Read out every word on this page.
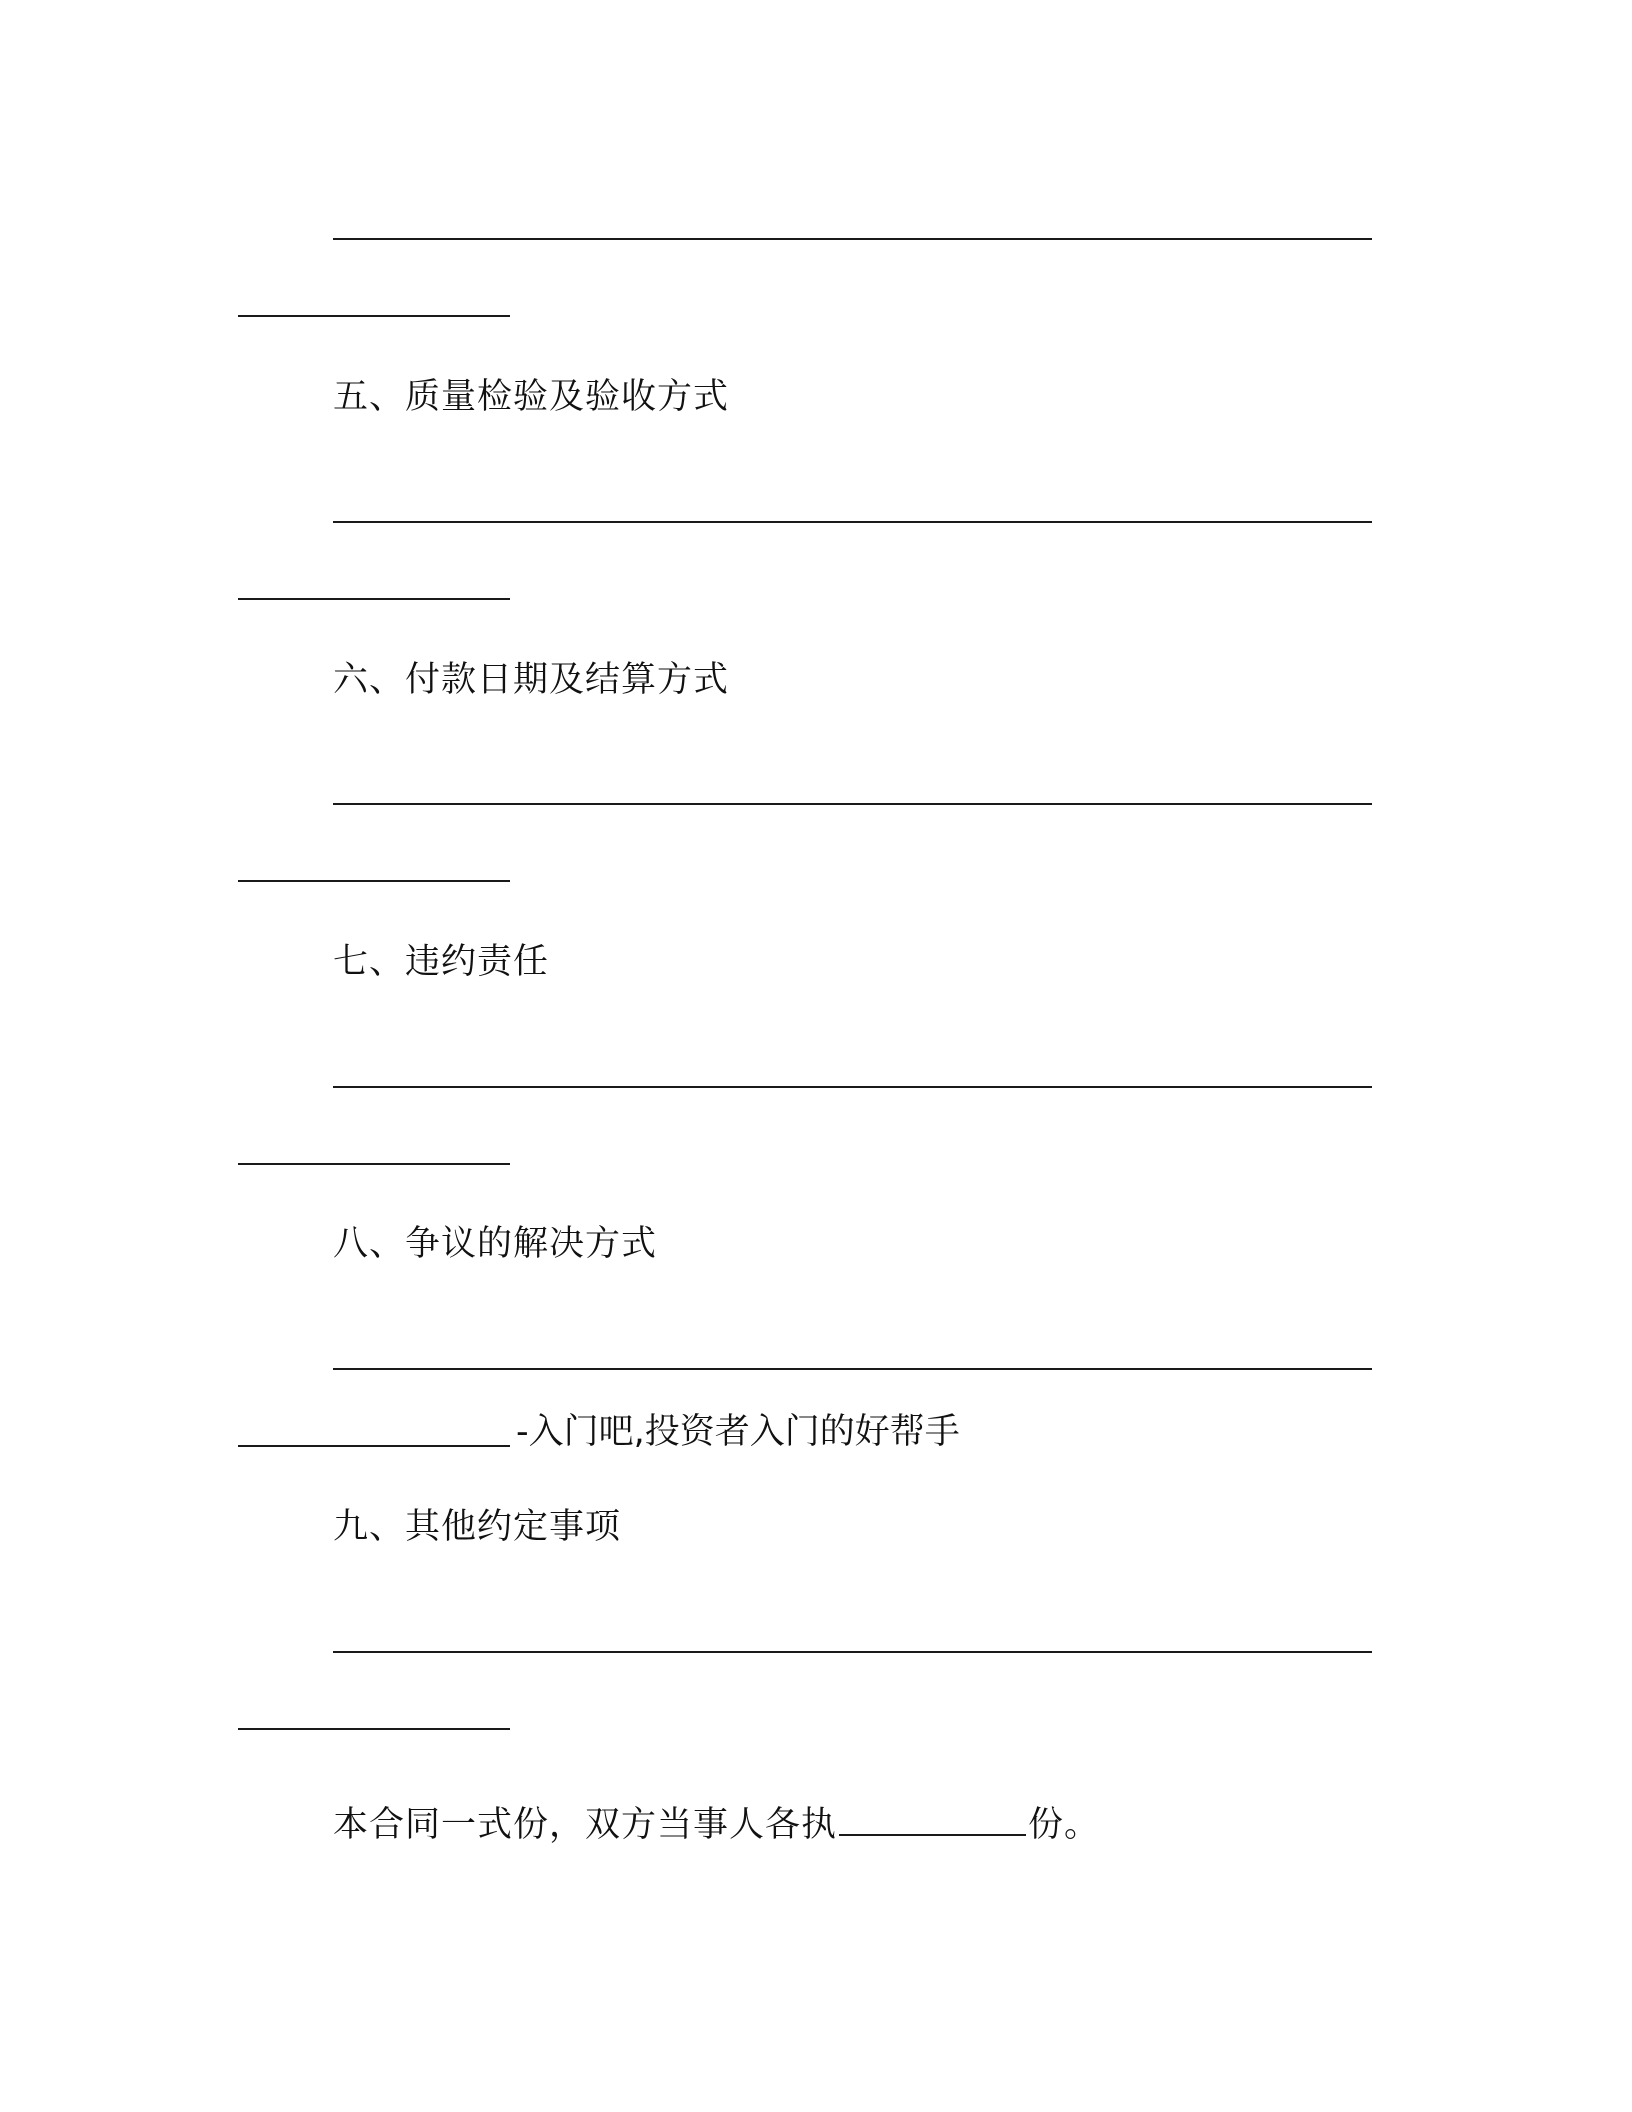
五、质量检验及验收方式
六、付款日期及结算方式
七、违约责任
八、争议的解决方式
-入门吧,投资者入门的好帮手
九、其他约定事项
本合同一式份，双方当事人各执	份。
